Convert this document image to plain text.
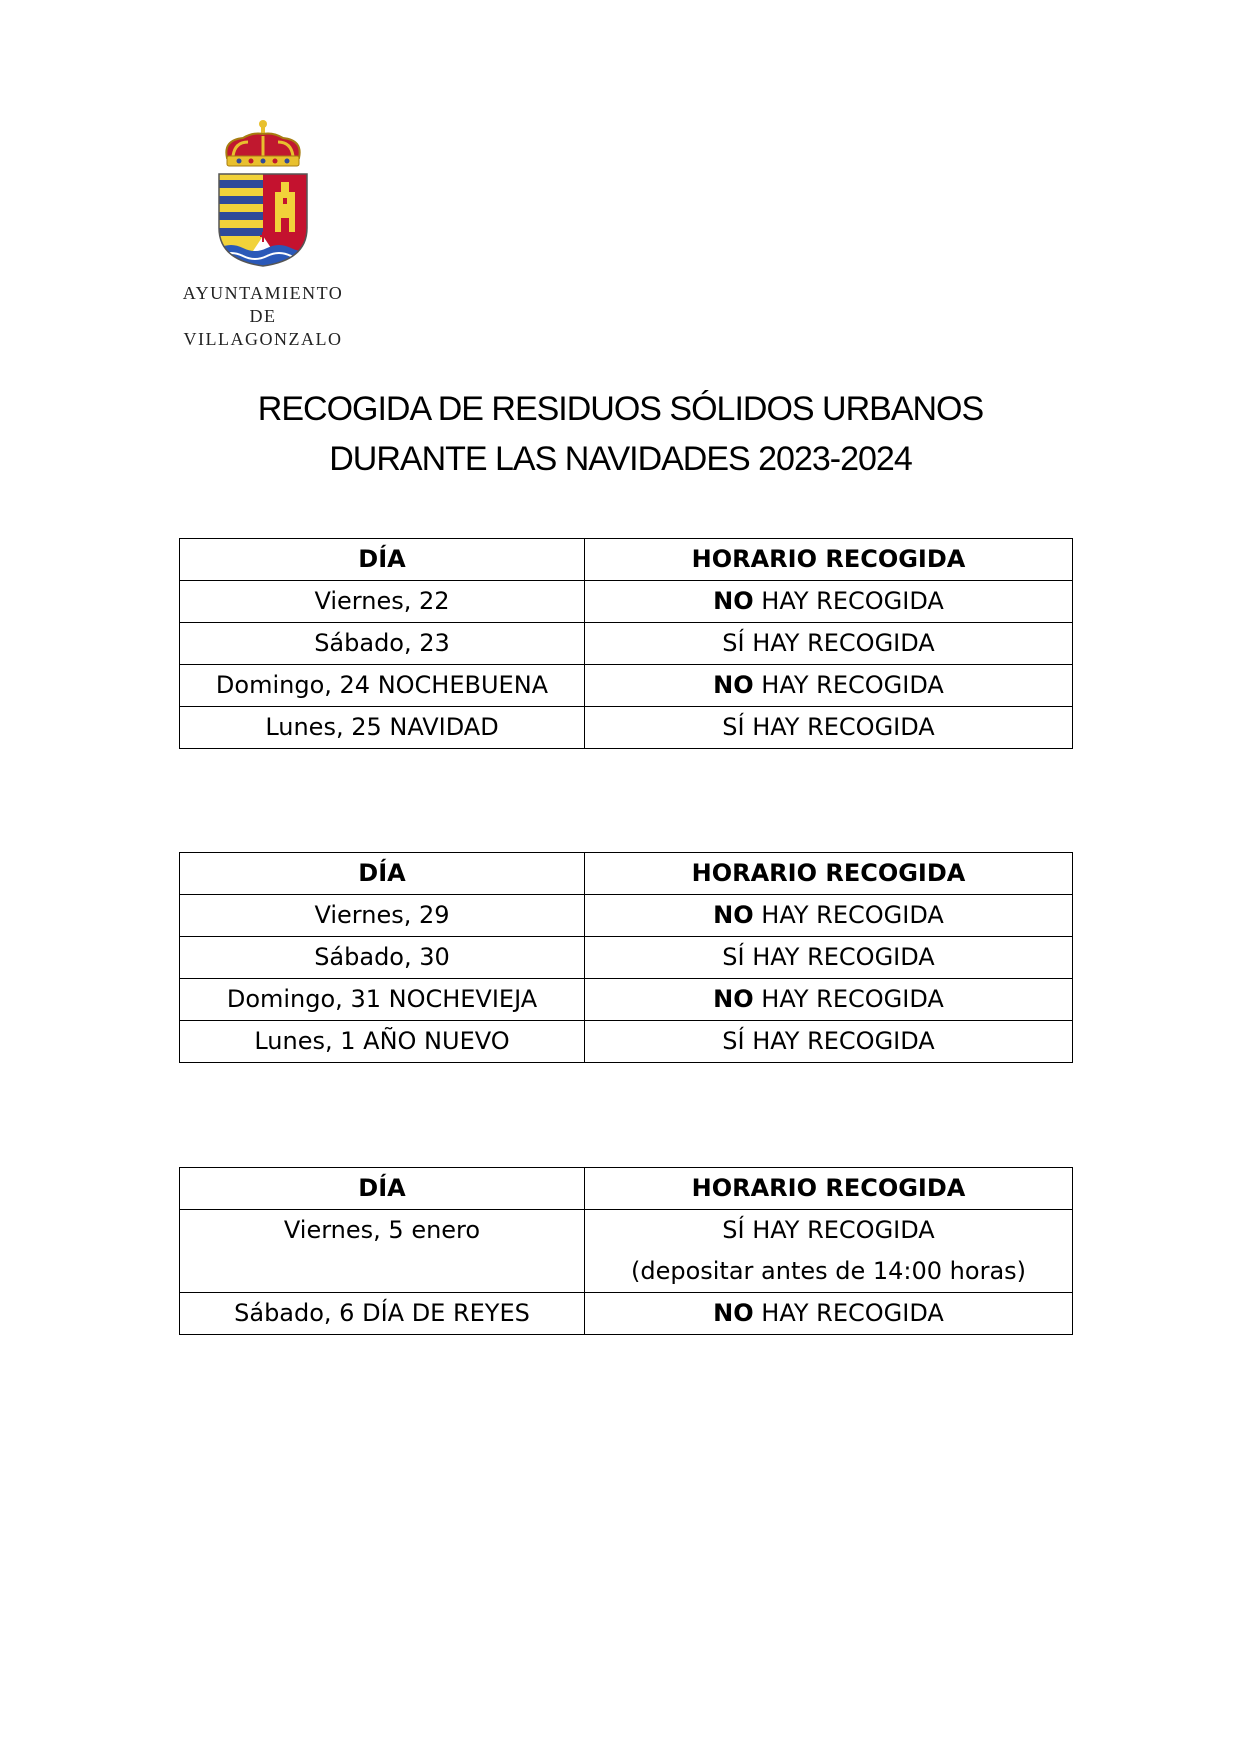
AYUNTAMIENTO
DE
VILLAGONZALO
RECOGIDA DE RESIDUOS SÓLIDOS URBANOS
DURANTE LAS NAVIDADES 2023-2024
DÍA	HORARIO RECOGIDA
Viernes, 22	NO HAY RECOGIDA
Sábado, 23	SÍ HAY RECOGIDA
Domingo, 24 NOCHEBUENA	NO HAY RECOGIDA
Lunes, 25 NAVIDAD	SÍ HAY RECOGIDA
DÍA	HORARIO RECOGIDA
Viernes, 29	NO HAY RECOGIDA
Sábado, 30	SÍ HAY RECOGIDA
Domingo, 31 NOCHEVIEJA	NO HAY RECOGIDA
Lunes, 1 AÑO NUEVO	SÍ HAY RECOGIDA
DÍA	HORARIO RECOGIDA
Viernes, 5 enero	SÍ HAY RECOGIDA
(depositar antes de 14:00 horas)

Sábado, 6 DÍA DE REYES	NO HAY RECOGIDA
